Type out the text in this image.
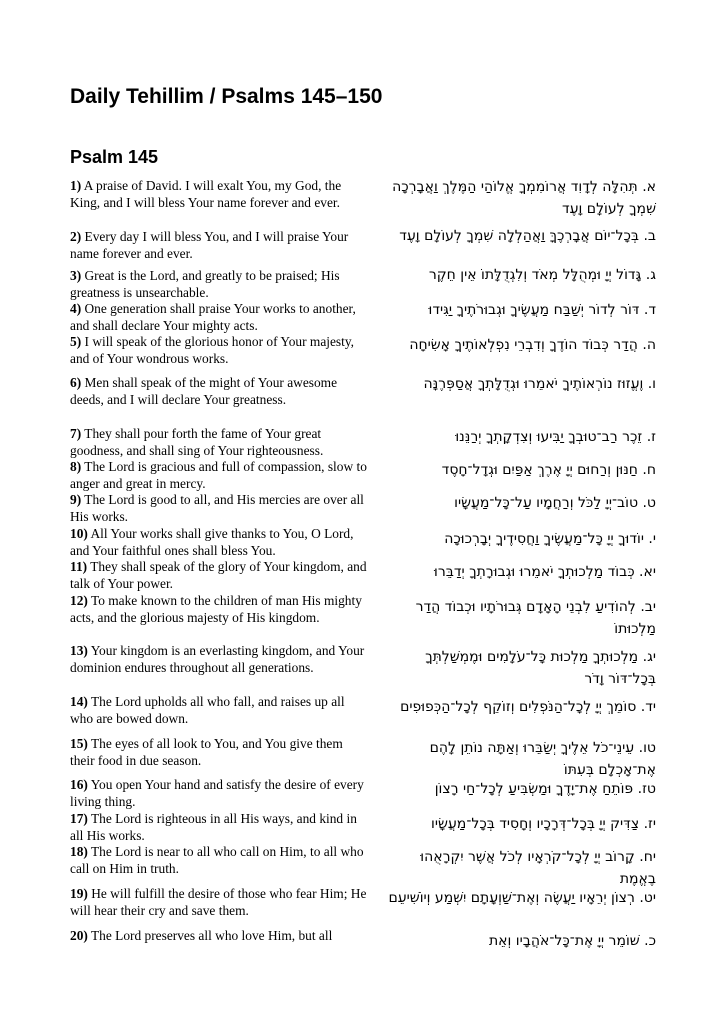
Daily Tehillim / Psalms 145–150
Psalm 145
1) A praise of David. I will exalt You, my God, the King, and I will bless Your name forever and ever.
א. תְּהִלָּה לְדָוִד אֲרוֹמִמְךָ אֱלוֹהַי הַמֶּלֶךְ וַאֲבָרְכָה שִׁמְךָ לְעוֹלָם וָעֶד
2) Every day I will bless You, and I will praise Your name forever and ever.
ב. בְּכָל־יוֹם אֲבָרְכֶךָּ וַאֲהַלְלָה שִׁמְךָ לְעוֹלָם וָעֶד
3) Great is the Lord, and greatly to be praised; His greatness is unsearchable.
ג. גָּדוֹל יְיָ וּמְהֻלָּל מְאֹד וְלִגְדֻלָּתוֹ אֵין חֵקֶר
4) One generation shall praise Your works to another, and shall declare Your mighty acts.
ד. דּוֹר לְדוֹר יְשַׁבַּח מַעֲשֶׂיךָ וּגְבוּרֹתֶיךָ יַגִּידוּ
5) I will speak of the glorious honor of Your majesty, and of Your wondrous works.
ה. הֲדַר כְּבוֹד הוֹדֶךָ וְדִבְרֵי נִפְלְאוֹתֶיךָ אָשִׂיחָה
6) Men shall speak of the might of Your awesome deeds, and I will declare Your greatness.
ו. וֶעֱזוּז נוֹרְאוֹתֶיךָ יֹאמֵרוּ וּגְדֻלָּתְךָ אֲסַפְּרֶנָּה
7) They shall pour forth the fame of Your great goodness, and shall sing of Your righteousness.
ז. זֵכֶר רַב־טוּבְךָ יַבִּיעוּ וְצִדְקָתְךָ יְרַנֵּנוּ
8) The Lord is gracious and full of compassion, slow to anger and great in mercy.
ח. חַנּוּן וְרַחוּם יְיָ אֶרֶךְ אַפַּיִם וּגְדָל־חָסֶד
9) The Lord is good to all, and His mercies are over all His works.
ט. טוֹב־יְיָ לַכֹּל וְרַחֲמָיו עַל־כָּל־מַעֲשָׂיו
10) All Your works shall give thanks to You, O Lord, and Your faithful ones shall bless You.
י. יוֹדוּךָ יְיָ כָּל־מַעֲשֶׂיךָ וַחֲסִידֶיךָ יְבָרְכוּכָה
11) They shall speak of the glory of Your kingdom, and talk of Your power.
יא. כְּבוֹד מַלְכוּתְךָ יֹאמֵרוּ וּגְבוּרָתְךָ יְדַבֵּרוּ
12) To make known to the children of man His mighty acts, and the glorious majesty of His kingdom.
יב. לְהוֹדִיעַ לִבְנֵי הָאָדָם גְּבוּרֹתָיו וּכְבוֹד הֲדַר מַלְכוּתוֹ
13) Your kingdom is an everlasting kingdom, and Your dominion endures throughout all generations.
יג. מַלְכוּתְךָ מַלְכוּת כָּל־עֹלָמִים וּמֶמְשַׁלְתְּךָ בְּכָל־דּוֹר וָדֹר
14) The Lord upholds all who fall, and raises up all who are bowed down.
יד. סוֹמֵךְ יְיָ לְכָל־הַנֹּפְלִים וְזוֹקֵף לְכָל־הַכְּפוּפִים
15) The eyes of all look to You, and You give them their food in due season.
טו. עֵינֵי־כֹל אֵלֶיךָ יְשַׂבֵּרוּ וְאַתָּה נוֹתֵן לָהֶם אֶת־אָכְלָם בְּעִתּוֹ
16) You open Your hand and satisfy the desire of every living thing.
טז. פּוֹתֵחַ אֶת־יָדֶךָ וּמַשְׂבִּיעַ לְכָל־חַי רָצוֹן
17) The Lord is righteous in all His ways, and kind in all His works.
יז. צַדִּיק יְיָ בְּכָל־דְּרָכָיו וְחָסִיד בְּכָל־מַעֲשָׂיו
18) The Lord is near to all who call on Him, to all who call on Him in truth.
יח. קָרוֹב יְיָ לְכָל־קֹרְאָיו לְכֹל אֲשֶׁר יִקְרָאֻהוּ בֶאֱמֶת
19) He will fulfill the desire of those who fear Him; He will hear their cry and save them.
יט. רְצוֹן יְרֵאָיו יַעֲשֶׂה וְאֶת־שַׁוְעָתָם יִשְׁמַע וְיוֹשִׁיעֵם
20) The Lord preserves all who love Him, but all	כ. שׁוֹמֵר יְיָ אֶת־כָּל־אֹהֲבָיו וְאֵת
